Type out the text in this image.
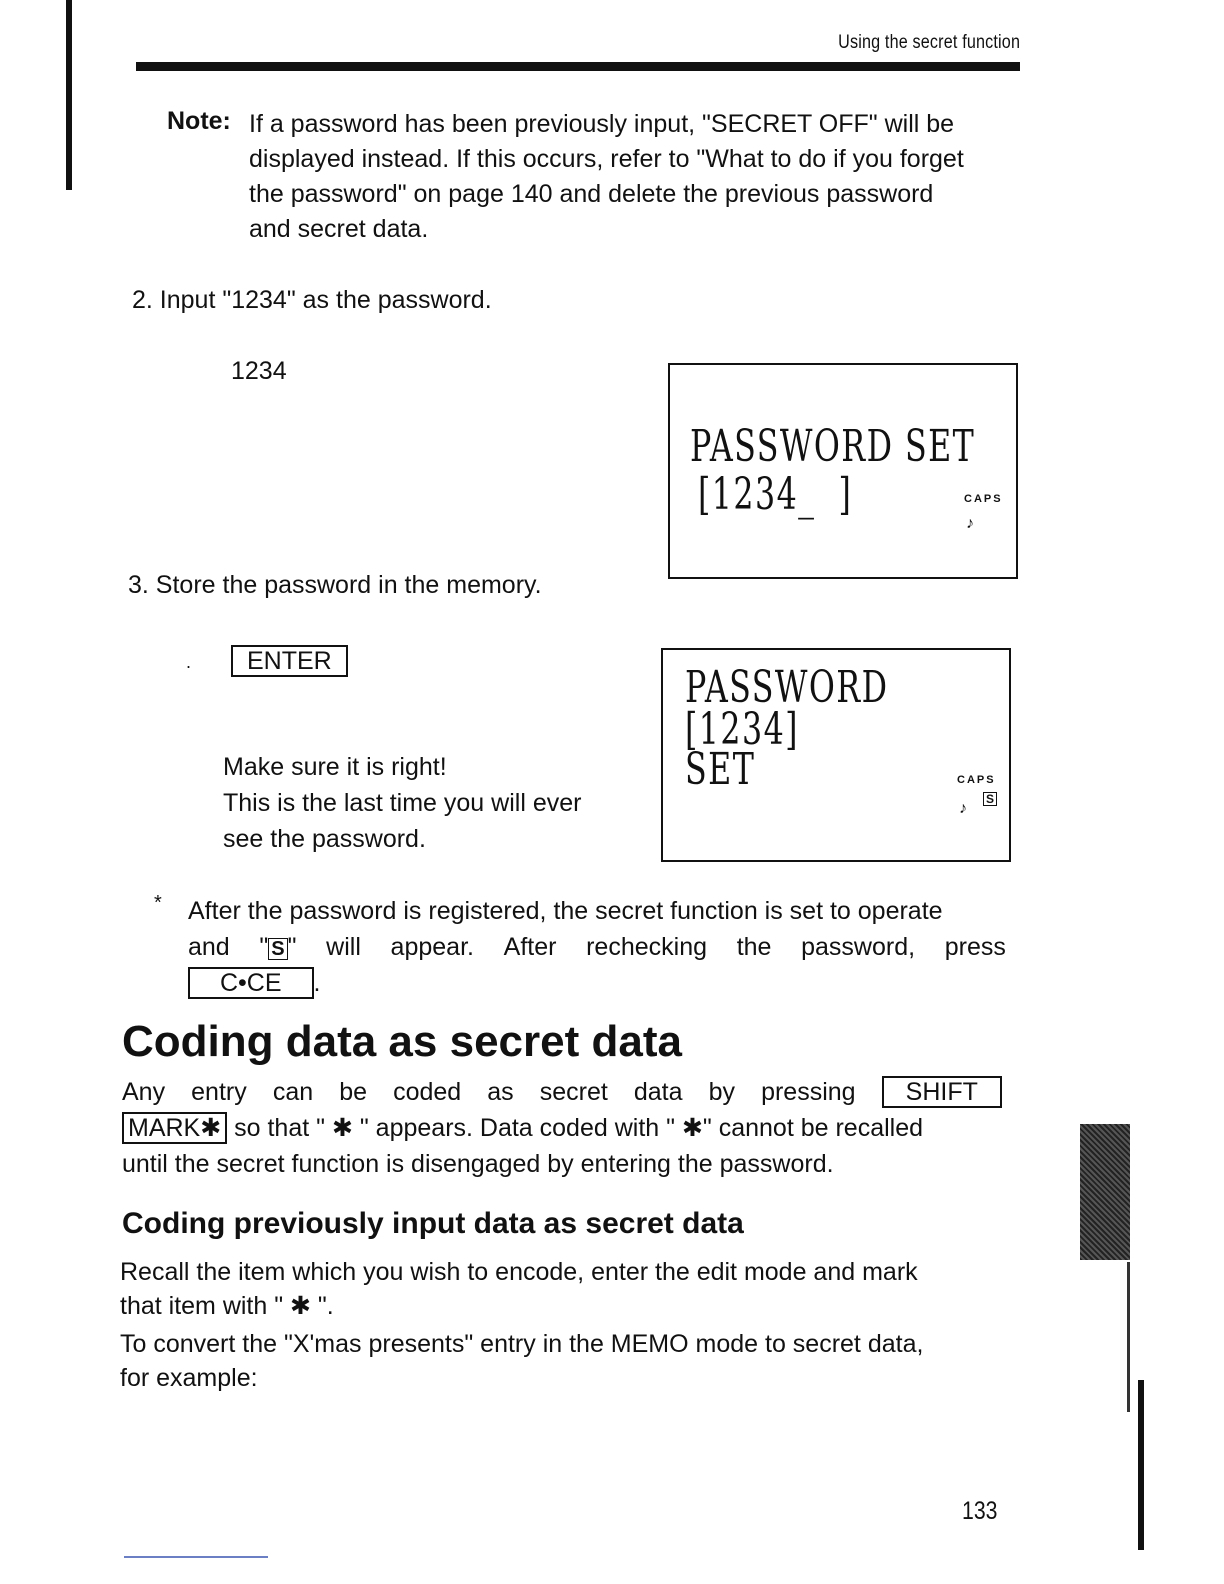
Using the secret function
Note: If a password has been previously input, "SECRET OFF" will be
displayed instead. If this occurs, refer to "What to do if you forget
the password" on page 140 and delete the previous password
and secret data.
2. Input "1234" as the password.
1234
PASSWORD SET
[1234_  ]	CAPS
♪
3. Store the password in the memory.
.	ENTER
PASSWORD
[1234]
SET	CAPS
S
♪
Make sure it is right!
This is the last time you will ever
see the password.
* After the password is registered, the secret function is set to operate
and " S " will appear. After rechecking the password, press
C•CE .
Coding data as secret data
Any entry can be coded as secret data by pressing	SHIFT
MARK✱ so that " ✱ " appears. Data coded with " ✱" cannot be recalled
until the secret function is disengaged by entering the password.
Coding previously input data as secret data
Recall the item which you wish to encode, enter the edit mode and mark
that item with " ✱ ".
To convert the "X'mas presents" entry in the MEMO mode to secret data,
for example:
133
